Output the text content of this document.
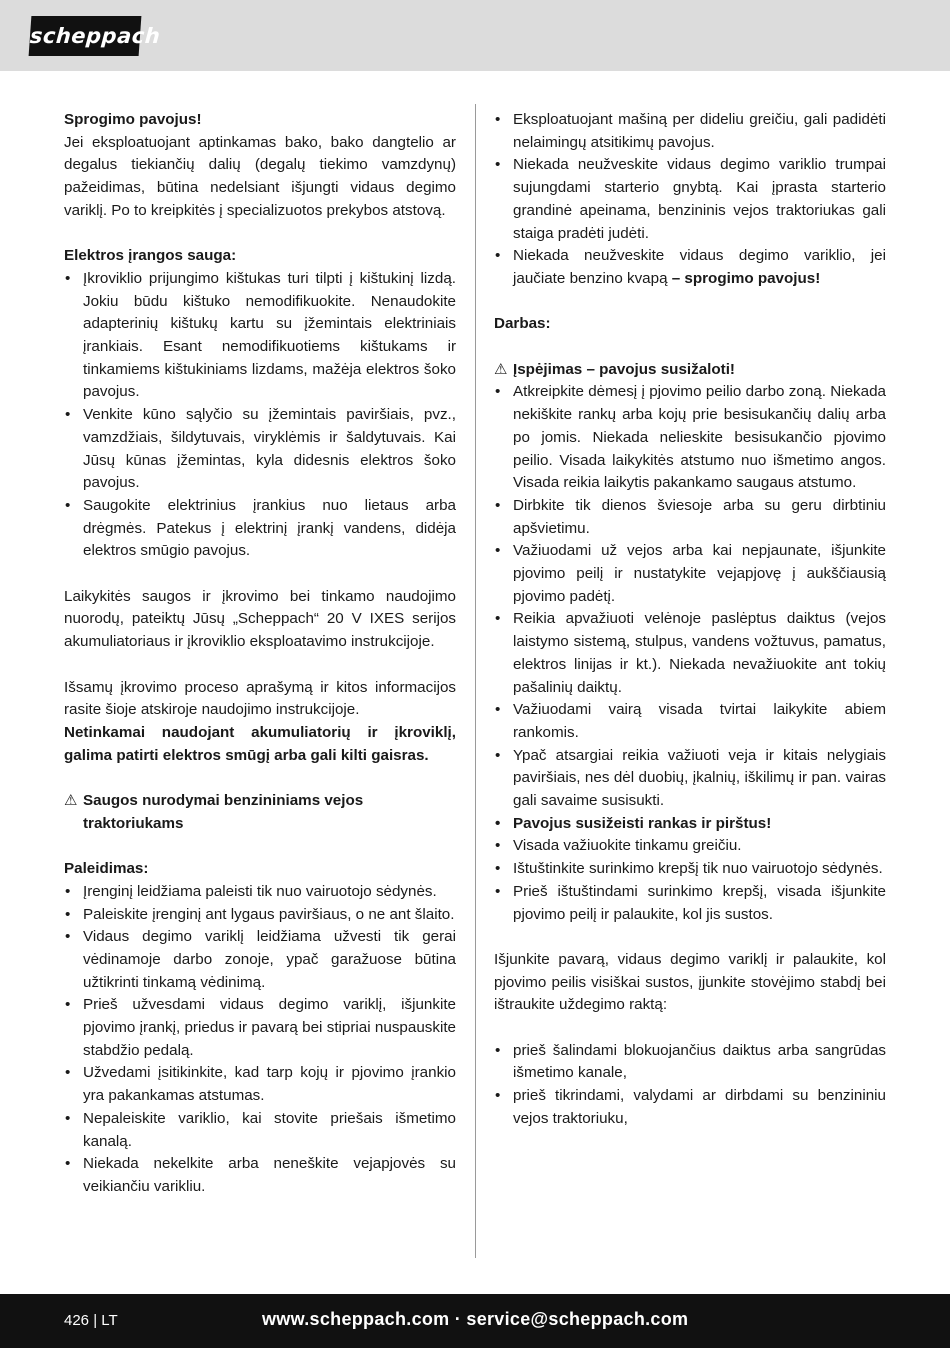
scheppach

Sprogimo pavojus!

Jei eksploatuojant aptinkamas bako, bako dangtelio ar degalus tiekiančių dalių (degalų tiekimo vamzdynų) pažeidimas, būtina nedelsiant išjungti vidaus degimo variklį. Po to kreipkitės į specializuotos prekybos atstovą.

Elektros įrangos sauga:

• Įkroviklio prijungimo kištukas turi tilpti į kištukinį lizdą. Jokiu būdu kištuko nemodifikuokite. Nenaudokite adapterinių kištukų kartu su įžemintais elektriniais įrankiais. Esant nemodifikuotiems kištukams ir tinkamiems kištukiniams lizdams, mažėja elektros šoko pavojus.
• Venkite kūno sąlyčio su įžemintais paviršiais, pvz., vamzdžiais, šildytuvais, viryklėmis ir šaldytuvais. Kai Jūsų kūnas įžemintas, kyla didesnis elektros šoko pavojus.
• Saugokite elektrinius įrankius nuo lietaus arba drėgmės. Patekus į elektrinį įrankį vandens, didėja elektros smūgio pavojus.

Laikykitės saugos ir įkrovimo bei tinkamo naudojimo nuorodų, pateiktų Jūsų „Scheppach“ 20 V IXES serijos akumuliatoriaus ir įkroviklio eksploatavimo instrukcijoje.

Išsamų įkrovimo proceso aprašymą ir kitos informacijos rasite šioje atskiroje naudojimo instrukcijoje.

Netinkamai naudojant akumuliatorių ir įkroviklį, galima patirti elektros smūgį arba gali kilti gaisras.

⚠ Saugos nurodymai benzininiams vejos traktoriukams

Paleidimas:

• Įrenginį leidžiama paleisti tik nuo vairuotojo sėdynės.
• Paleiskite įrenginį ant lygaus paviršiaus, o ne ant šlaito.
• Vidaus degimo variklį leidžiama užvesti tik gerai vėdinamoje darbo zonoje, ypač garažuose būtina užtikrinti tinkamą vėdinimą.
• Prieš užvesdami vidaus degimo variklį, išjunkite pjovimo įrankį, priedus ir pavarą bei stipriai nuspauskite stabdžio pedalą.
• Užvedami įsitikinkite, kad tarp kojų ir pjovimo įrankio yra pakankamas atstumas.
• Nepaleiskite variklio, kai stovite priešais išmetimo kanalą.
• Niekada nekelkite arba neneškite vejapjovės su veikiančiu varikliu.
• Eksploatuojant mašiną per dideliu greičiu, gali padidėti nelaimingų atsitikimų pavojus.
• Niekada neužveskite vidaus degimo variklio trumpai sujungdami starterio gnybtą. Kai įprasta starterio grandinė apeinama, benzininis vejos traktoriukas gali staiga pradėti judėti.
• Niekada neužveskite vidaus degimo variklio, jei jaučiate benzino kvapą – sprogimo pavojus!

Darbas:

⚠ Įspėjimas – pavojus susižaloti!
• Atkreipkite dėmesį į pjovimo peilio darbo zoną. Niekada nekiškite rankų arba kojų prie besisukančių dalių arba po jomis. Niekada nelieskite besisukančio pjovimo peilio. Visada laikykitės atstumo nuo išmetimo angos. Visada reikia laikytis pakankamo saugaus atstumo.
• Dirbkite tik dienos šviesoje arba su geru dirbtiniu apšvietimu.
• Važiuodami už vejos arba kai nepjaunate, išjunkite pjovimo peilį ir nustatykite vejapjovę į aukščiausią pjovimo padėtį.
• Reikia apvažiuoti velėnoje paslėptus daiktus (vejos laistymo sistemą, stulpus, vandens vožtuvus, pamatus, elektros linijas ir kt.). Niekada nevažiuokite ant tokių pašalinių daiktų.
• Važiuodami vairą visada tvirtai laikykite abiem rankomis.
• Ypač atsargiai reikia važiuoti veja ir kitais nelygiais paviršiais, nes dėl duobių, įkalnių, iškilimų ir pan. vairas gali savaime susisukti.
• Pavojus susižeisti rankas ir pirštus!
• Visada važiuokite tinkamu greičiu.
• Ištuštinkite surinkimo krepšį tik nuo vairuotojo sėdynės.
• Prieš ištuštindami surinkimo krepšį, visada išjunkite pjovimo peilį ir palaukite, kol jis sustos.

Išjunkite pavarą, vidaus degimo variklį ir palaukite, kol pjovimo peilis visiškai sustos, įjunkite stovėjimo stabdį bei ištraukite uždegimo raktą:

• prieš šalindami blokuojančius daiktus arba sangrūdas išmetimo kanale,
• prieš tikrindami, valydami ar dirbdami su benzininiu vejos traktoriuku,
426 | LT	www.scheppach.com · service@scheppach.com
